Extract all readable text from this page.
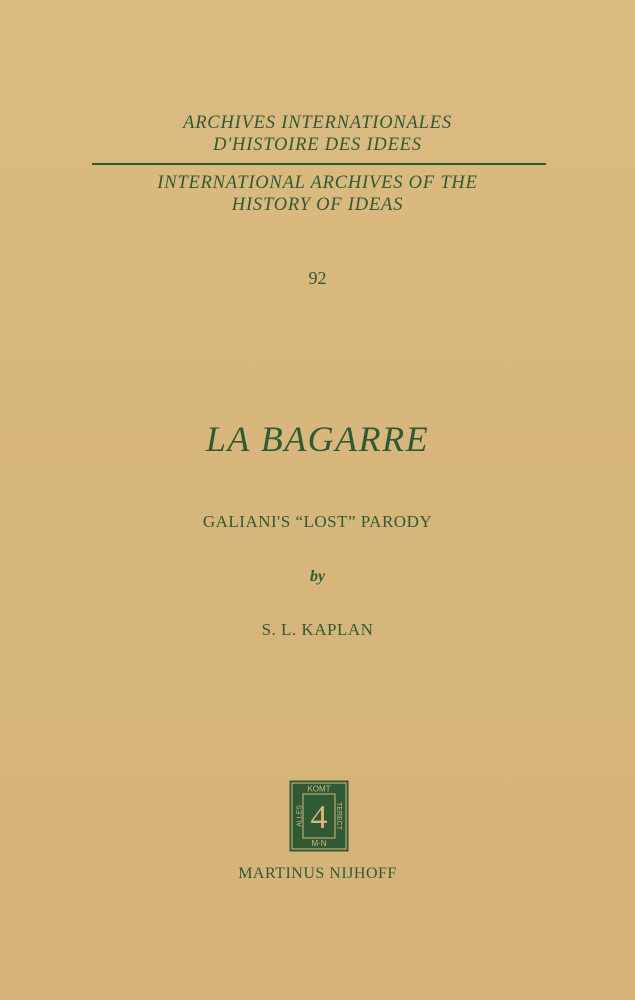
ARCHIVES INTERNATIONALES
D'HISTOIRE DES IDEES
INTERNATIONAL ARCHIVES OF THE
HISTORY OF IDEAS
92
LA BAGARRE
GALIANI'S “LOST” PARODY
by
S. L. KAPLAN
KOMT
M·N
ALLES	TERECT
4
MARTINUS NIJHOFF
